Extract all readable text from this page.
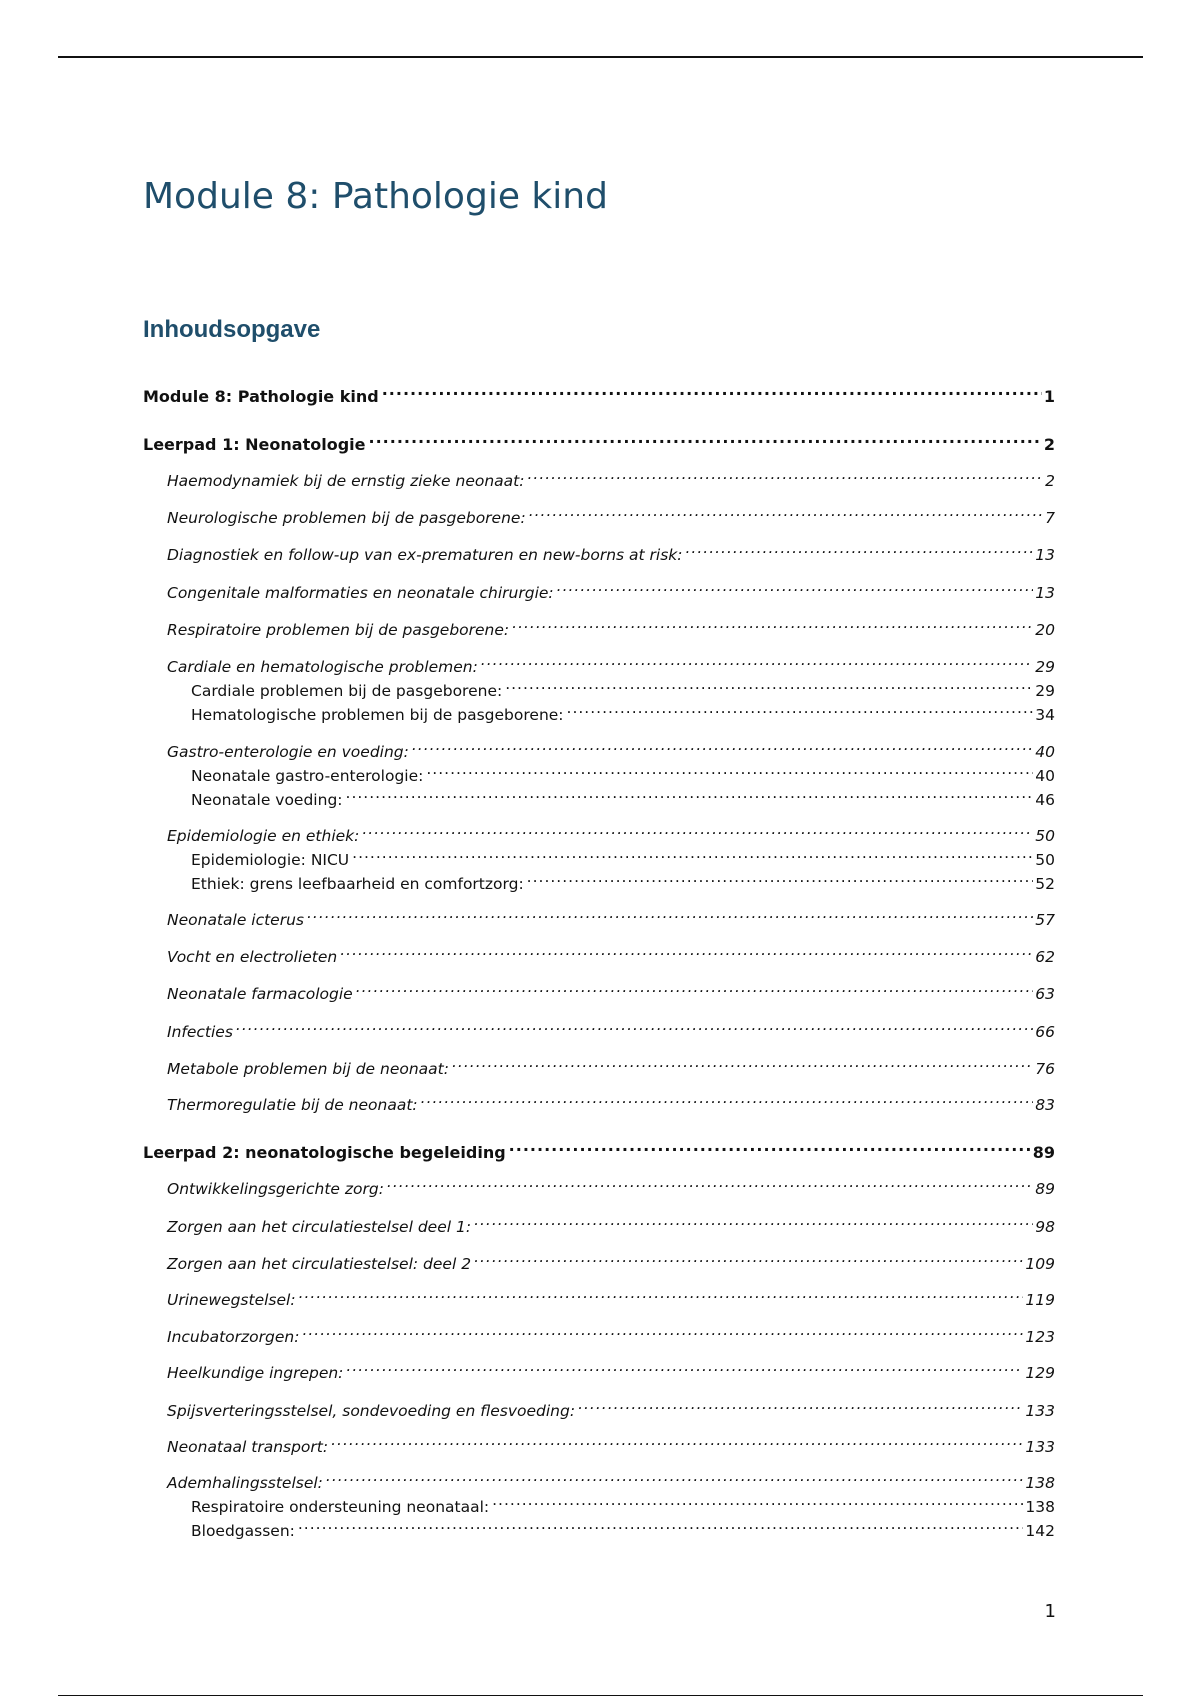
Module 8: Pathologie kind
Inhoudsopgave
Module 8: Pathologie kind .....	1
Leerpad 1: Neonatologie .....	2
Haemodynamiek bij de ernstig zieke neonaat: .....	2
Neurologische problemen bij de pasgeborene: .....	7
Diagnostiek en follow-up van ex-prematuren en new-borns at risk: .....	13
Congenitale malformaties en neonatale chirurgie: .....	13
Respiratoire problemen bij de pasgeborene: .....	20
Cardiale en hematologische problemen: .....	29
Cardiale problemen bij de pasgeborene: .....	29
Hematologische problemen bij de pasgeborene: .....	34
Gastro-enterologie en voeding: .....	40
Neonatale gastro-enterologie: .....	40
Neonatale voeding: .....	46
Epidemiologie en ethiek: .....	50
Epidemiologie: NICU .....	50
Ethiek: grens leefbaarheid en comfortzorg: .....	52
Neonatale icterus .....	57
Vocht en electrolieten .....	62
Neonatale farmacologie .....	63
Infecties .....	66
Metabole problemen bij de neonaat: .....	76
Thermoregulatie bij de neonaat: .....	83
Leerpad 2: neonatologische begeleiding .....	89
Ontwikkelingsgerichte zorg: .....	89
Zorgen aan het circulatiestelsel deel 1: .....	98
Zorgen aan het circulatiestelsel: deel 2 .....	109
Urinewegstelsel: .....	119
Incubatorzorgen: .....	123
Heelkundige ingrepen: .....	129
Spijsverteringsstelsel, sondevoeding en flesvoeding: .....	133
Neonataal transport: .....	133
Ademhalingsstelsel: .....	138
Respiratoire ondersteuning neonataal: .....	138
Bloedgassen: .....	142
1
